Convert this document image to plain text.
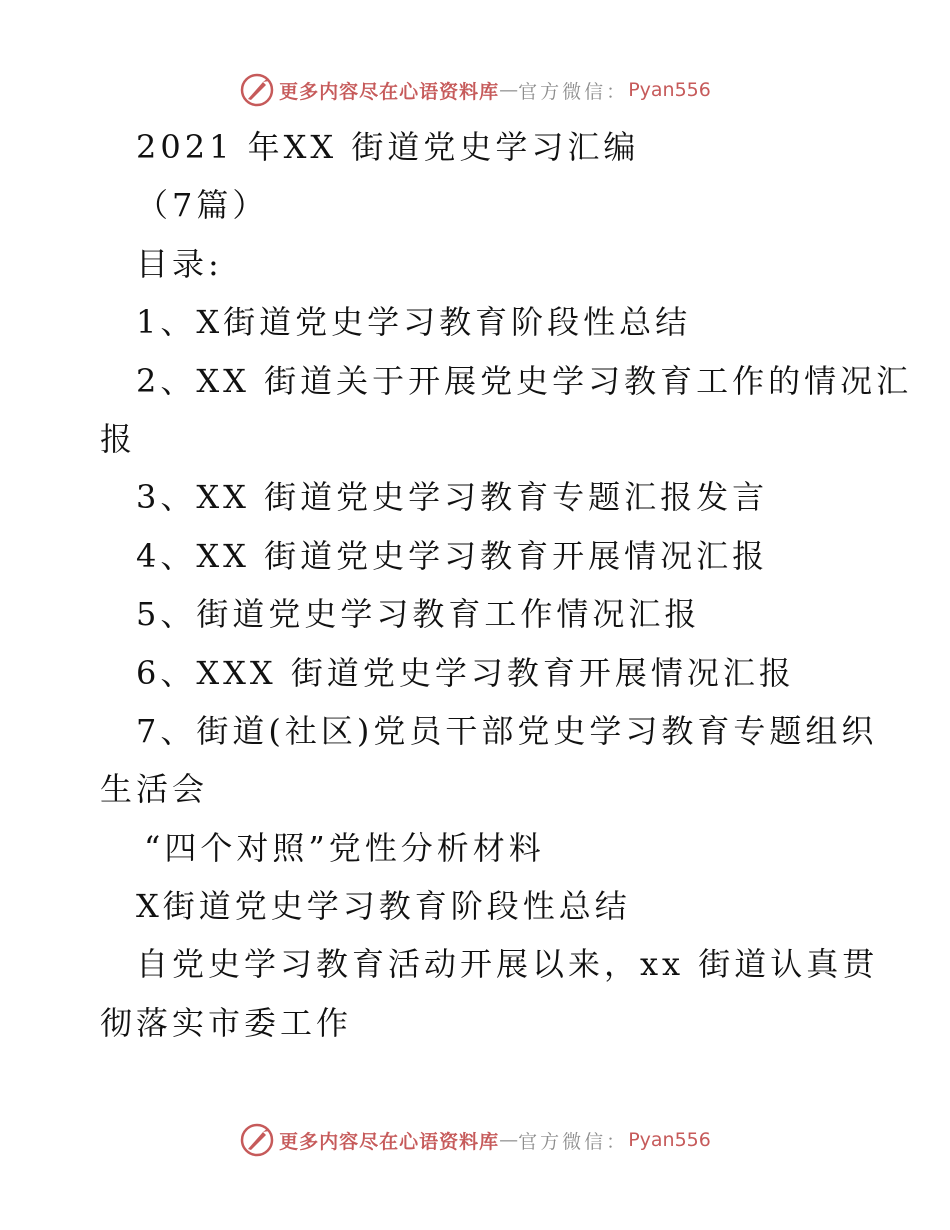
更多内容尽在心语资料库 — 官方微信： Pyan556
2021 年XX 街道党史学习汇编
（7篇）
目录:
1、X街道党史学习教育阶段性总结
2、XX 街道关于开展党史学习教育工作的情况汇
报
3、XX 街道党史学习教育专题汇报发言
4、XX 街道党史学习教育开展情况汇报
5、街道党史学习教育工作情况汇报
6、XXX 街道党史学习教育开展情况汇报
7、街道(社区)党员干部党史学习教育专题组织
生活会
“四个对照”党性分析材料
X街道党史学习教育阶段性总结
自党史学习教育活动开展以来，xx 街道认真贯
彻落实市委工作
更多内容尽在心语资料库 — 官方微信： Pyan556
